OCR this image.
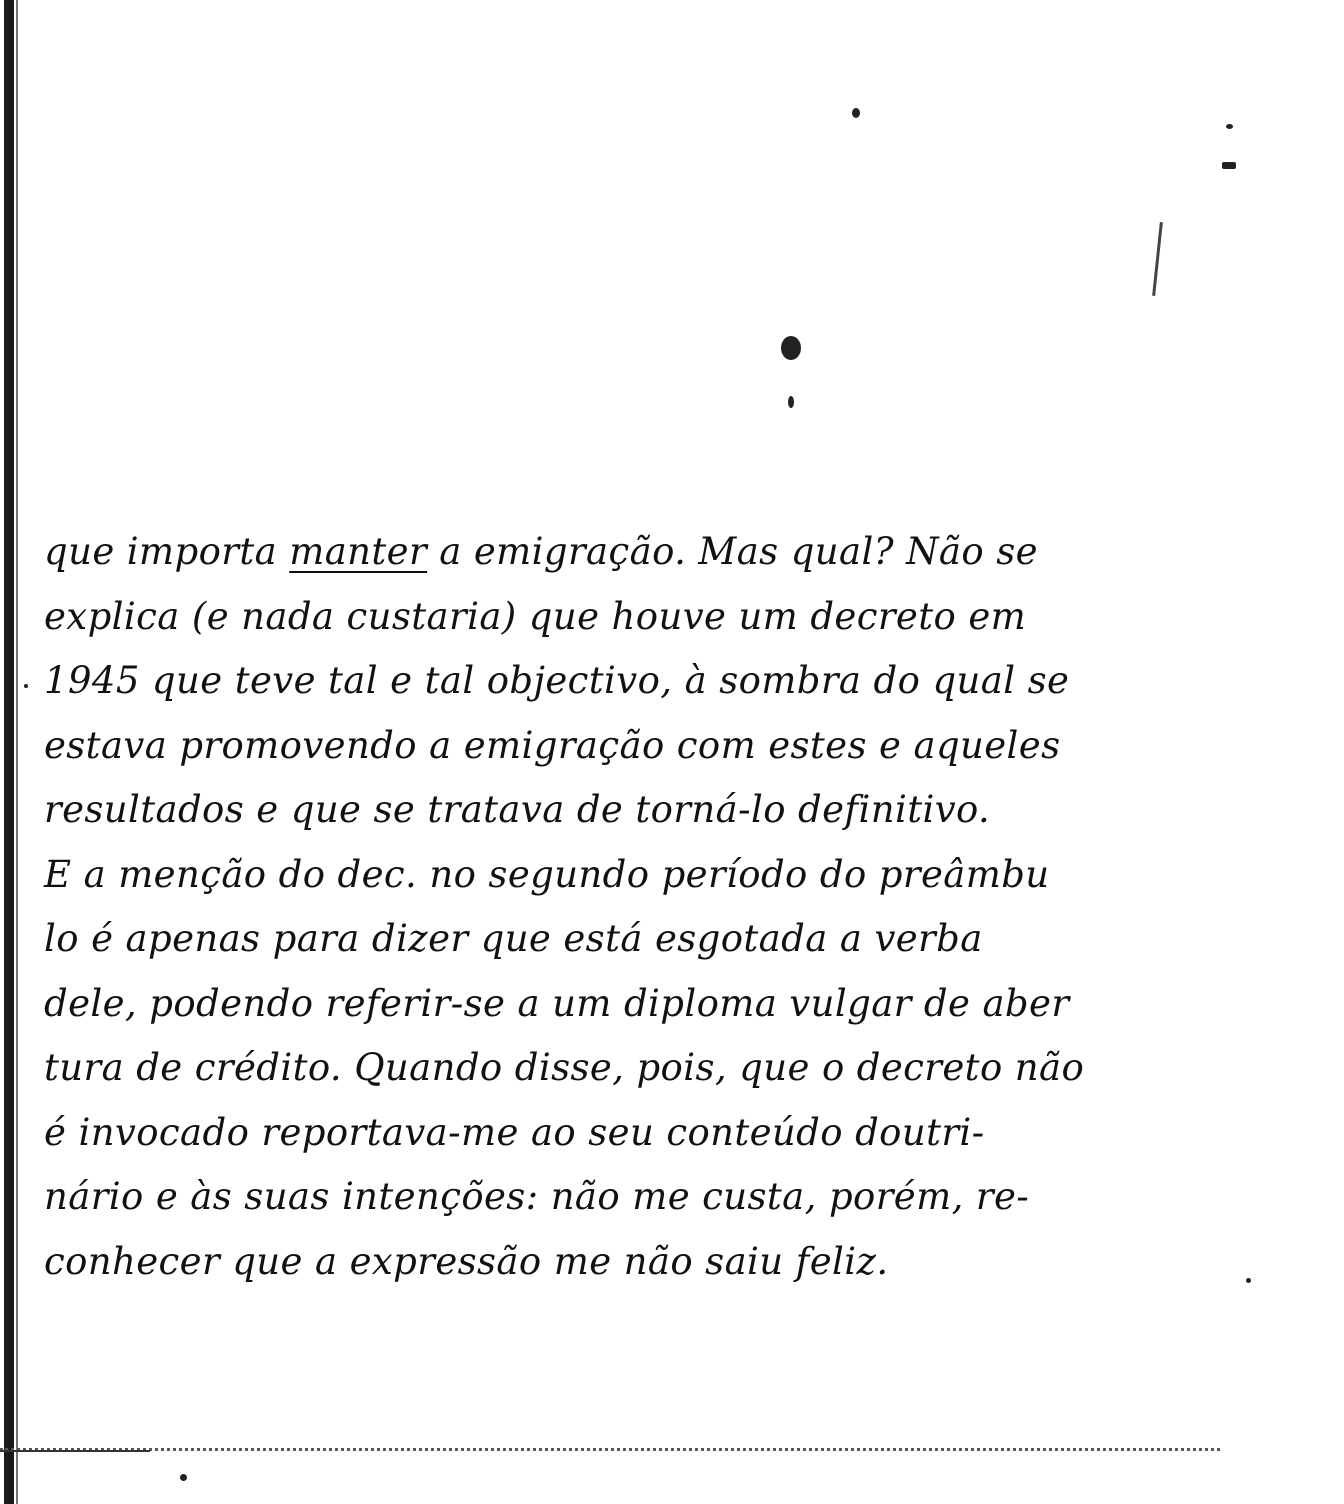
que importa manter a emigração. Mas qual? Não se
explica (e nada custaria) que houve um decreto em
1945 que teve tal e tal objectivo, à sombra do qual se
estava promovendo a emigração com estes e aqueles
resultados e que se tratava de torná-lo definitivo.
E a menção do dec. no segundo período do preâmbu
lo é apenas para dizer que está esgotada a verba
dele, podendo referir-se a um diploma vulgar de aber
tura de crédito. Quando disse, pois, que o decreto não
é invocado reportava-me ao seu conteúdo doutri-
nário e às suas intenções: não me custa, porém, re-
conhecer que a expressão me não saiu feliz.
